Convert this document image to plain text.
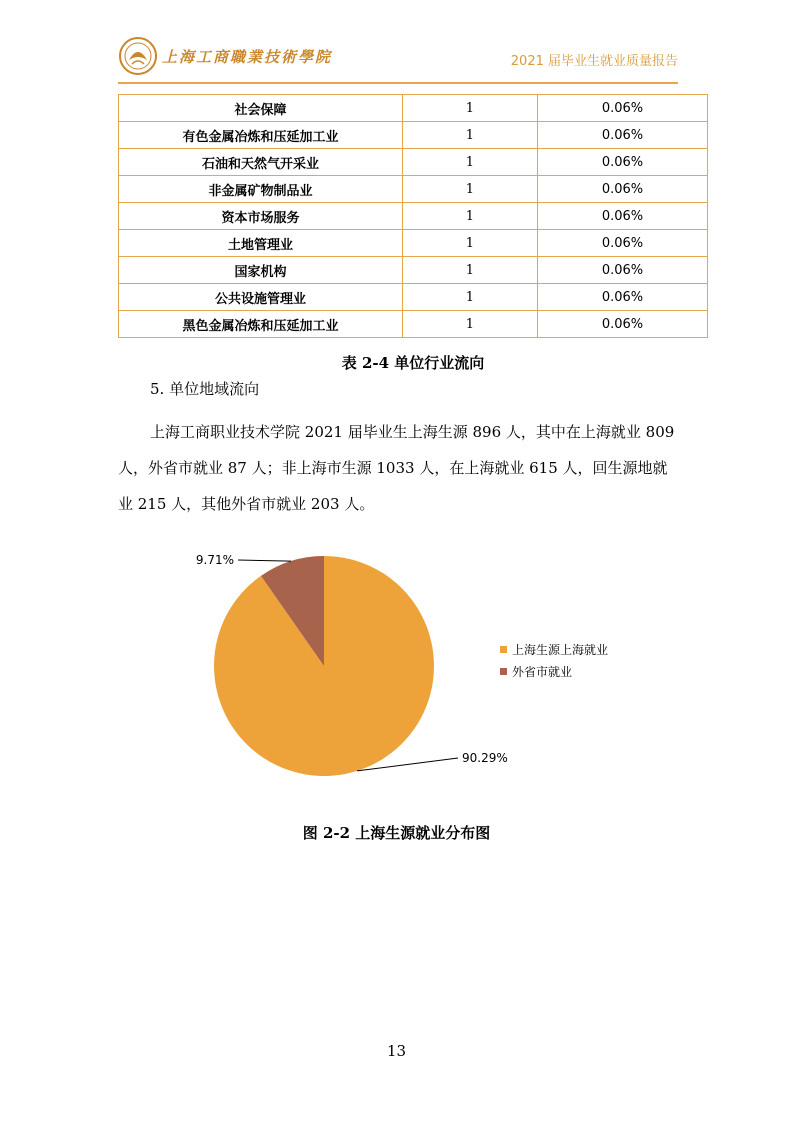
上海工商職業技術學院	2021 届毕业生就业质量报告
社会保障	1	0.06%
有色金属冶炼和压延加工业	1	0.06%
石油和天然气开采业	1	0.06%
非金属矿物制品业	1	0.06%
资本市场服务	1	0.06%
土地管理业	1	0.06%
国家机构	1	0.06%
公共设施管理业	1	0.06%
黑色金属冶炼和压延加工业	1	0.06%
表 2-4 单位行业流向
5. 单位地域流向

上海工商职业技术学院 2021 届毕业生上海生源 896 人，其中在上海就业 809 人，外省市就业 87 人；非上海市生源 1033 人，在上海就业 615 人，回生源地就业 215 人，其他外省市就业 203 人。

90.29%
9.71%
上海生源上海就业
外省市就业
图 2-2 上海生源就业分布图
13
